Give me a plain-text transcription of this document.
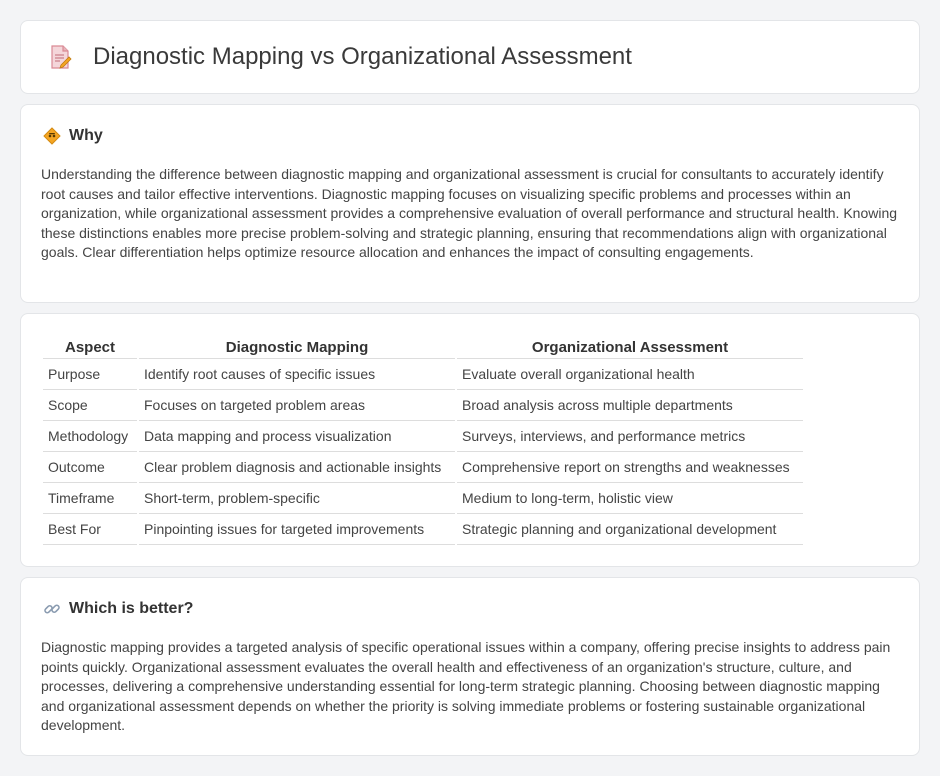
Diagnostic Mapping vs Organizational Assessment
Why

Understanding the difference between diagnostic mapping and organizational assessment is crucial for consultants to accurately identify root causes and tailor effective interventions. Diagnostic mapping focuses on visualizing specific problems and processes within an organization, while organizational assessment provides a comprehensive evaluation of overall performance and structural health. Knowing these distinctions enables more precise problem-solving and strategic planning, ensuring that recommendations align with organizational goals. Clear differentiation helps optimize resource allocation and enhances the impact of consulting engagements.

Aspect	Diagnostic Mapping	Organizational Assessment
Purpose	Identify root causes of specific issues	Evaluate overall organizational health
Scope	Focuses on targeted problem areas	Broad analysis across multiple departments
Methodology	Data mapping and process visualization	Surveys, interviews, and performance metrics
Outcome	Clear problem diagnosis and actionable insights	Comprehensive report on strengths and weaknesses
Timeframe	Short-term, problem-specific	Medium to long-term, holistic view
Best For	Pinpointing issues for targeted improvements	Strategic planning and organizational development
Which is better?

Diagnostic mapping provides a targeted analysis of specific operational issues within a company, offering precise insights to address pain points quickly. Organizational assessment evaluates the overall health and effectiveness of an organization's structure, culture, and processes, delivering a comprehensive understanding essential for long-term strategic planning. Choosing between diagnostic mapping and organizational assessment depends on whether the priority is solving immediate problems or fostering sustainable organizational development.
